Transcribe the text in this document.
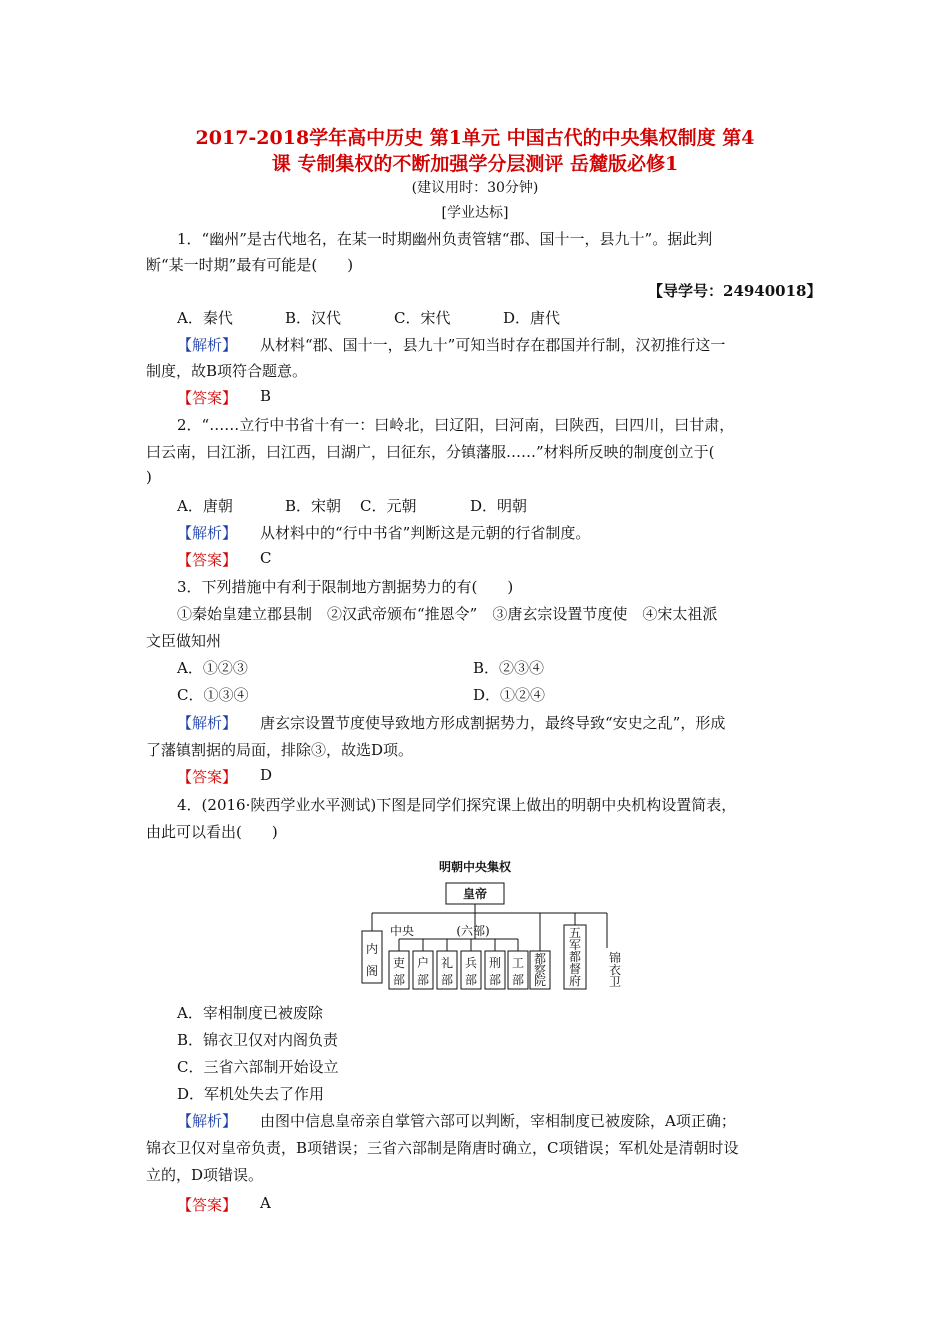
2017-2018学年高中历史 第1单元 中国古代的中央集权制度 第4
课 专制集权的不断加强学分层测评 岳麓版必修1
(建议用时：30分钟)
[学业达标]
1．“幽州”是古代地名，在某一时期幽州负责管辖“郡、国十一，县九十”。据此判
断“某一时期”最有可能是(　　)
【导学号：24940018】
A．秦代	B．汉代	C．宋代	D．唐代
【解析】 从材料“郡、国十一，县九十”可知当时存在郡国并行制，汉初推行这一
制度，故B项符合题意。
【答案】 B
2．“……立行中书省十有一：曰岭北，曰辽阳，曰河南，曰陕西，曰四川，曰甘肃，
曰云南，曰江浙，曰江西，曰湖广，曰征东，分镇藩服……”材料所反映的制度创立于(
)
A．唐朝	B．宋朝 C．元朝	D．明朝
【解析】 从材料中的“行中书省”判断这是元朝的行省制度。
【答案】 C
3．下列措施中有利于限制地方割据势力的有(　　)
①秦始皇建立郡县制　②汉武帝颁布“推恩令”　③唐玄宗设置节度使　④宋太祖派
文臣做知州
A．①②③	B．②③④
C．①③④	D．①②④
【解析】 唐玄宗设置节度使导致地方形成割据势力，最终导致“安史之乱”，形成
了藩镇割据的局面，排除③，故选D项。
【答案】 D
4．(2016·陕西学业水平测试)下图是同学们探究课上做出的明朝中央机构设置简表，
由此可以看出(　　)
明朝中央集权
皇帝
中央	(六部)
内
阁
吏
部
户
部
礼
部
兵
部
刑
部
工
部
都
察
院
五
军
都
督
府
锦
衣
卫
A．宰相制度已被废除
B．锦衣卫仅对内阁负责
C．三省六部制开始设立
D．军机处失去了作用
【解析】 由图中信息皇帝亲自掌管六部可以判断，宰相制度已被废除，A项正确；
锦衣卫仅对皇帝负责，B项错误；三省六部制是隋唐时确立，C项错误；军机处是清朝时设
立的，D项错误。
【答案】 A
